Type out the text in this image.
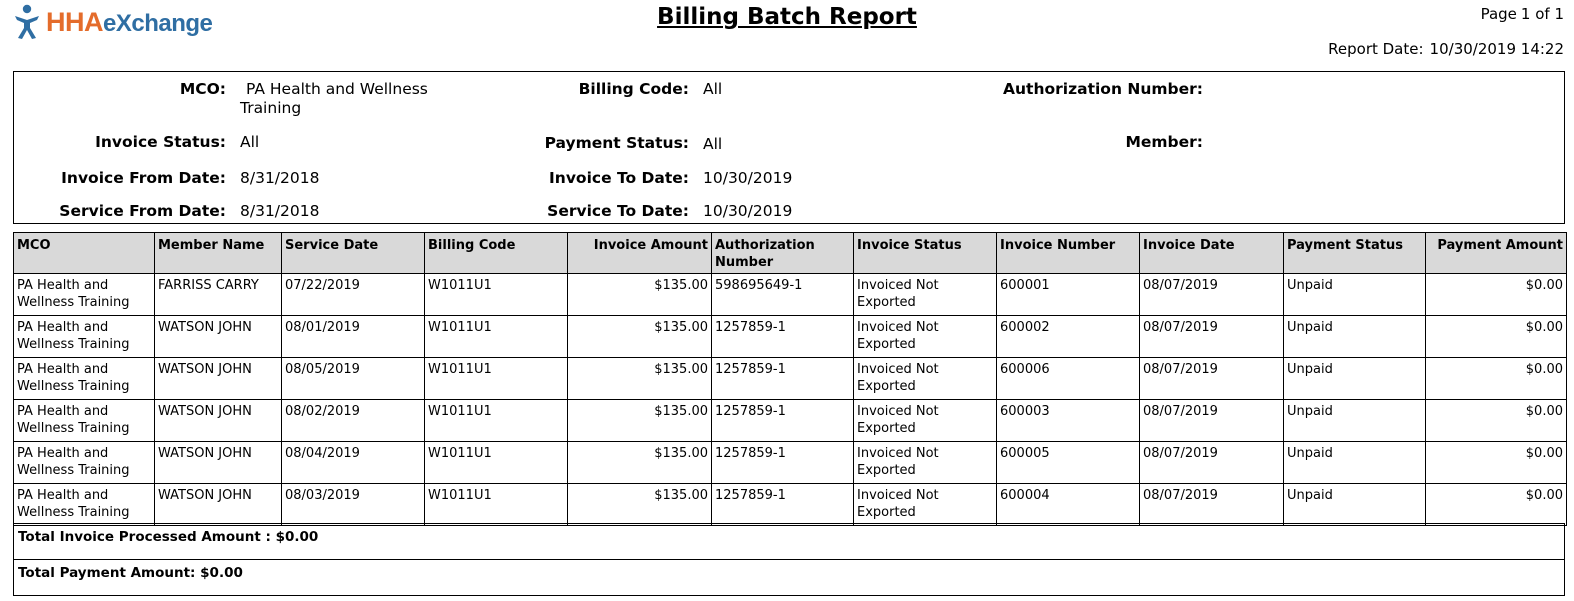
HHAeXchange	Billing Batch Report	Page 1 of 1
Report Date: 10/30/2019 14:22
MCO: PA Health and Wellness
Training
Invoice Status: All
Invoice From Date: 8/31/2018
Service From Date: 8/31/2018
Billing Code: All
Payment Status: All
Invoice To Date: 10/30/2019
Service To Date: 10/30/2019
Authorization Number:
Member:
MCO	Member Name	Service Date	Billing Code	Invoice Amount	Authorization Number	Invoice Status	Invoice Number	Invoice Date	Payment Status	Payment Amount
PA Health and Wellness Training	FARRISS CARRY	07/22/2019	W1011U1	$135.00	598695649-1	Invoiced Not Exported	600001	08/07/2019	Unpaid	$0.00
PA Health and Wellness Training	WATSON JOHN	08/01/2019	W1011U1	$135.00	1257859-1	Invoiced Not Exported	600002	08/07/2019	Unpaid	$0.00
PA Health and Wellness Training	WATSON JOHN	08/05/2019	W1011U1	$135.00	1257859-1	Invoiced Not Exported	600006	08/07/2019	Unpaid	$0.00
PA Health and Wellness Training	WATSON JOHN	08/02/2019	W1011U1	$135.00	1257859-1	Invoiced Not Exported	600003	08/07/2019	Unpaid	$0.00
PA Health and Wellness Training	WATSON JOHN	08/04/2019	W1011U1	$135.00	1257859-1	Invoiced Not Exported	600005	08/07/2019	Unpaid	$0.00
PA Health and Wellness Training	WATSON JOHN	08/03/2019	W1011U1	$135.00	1257859-1	Invoiced Not Exported	600004	08/07/2019	Unpaid	$0.00
Total Invoice Processed Amount : $0.00
Total Payment Amount: $0.00
